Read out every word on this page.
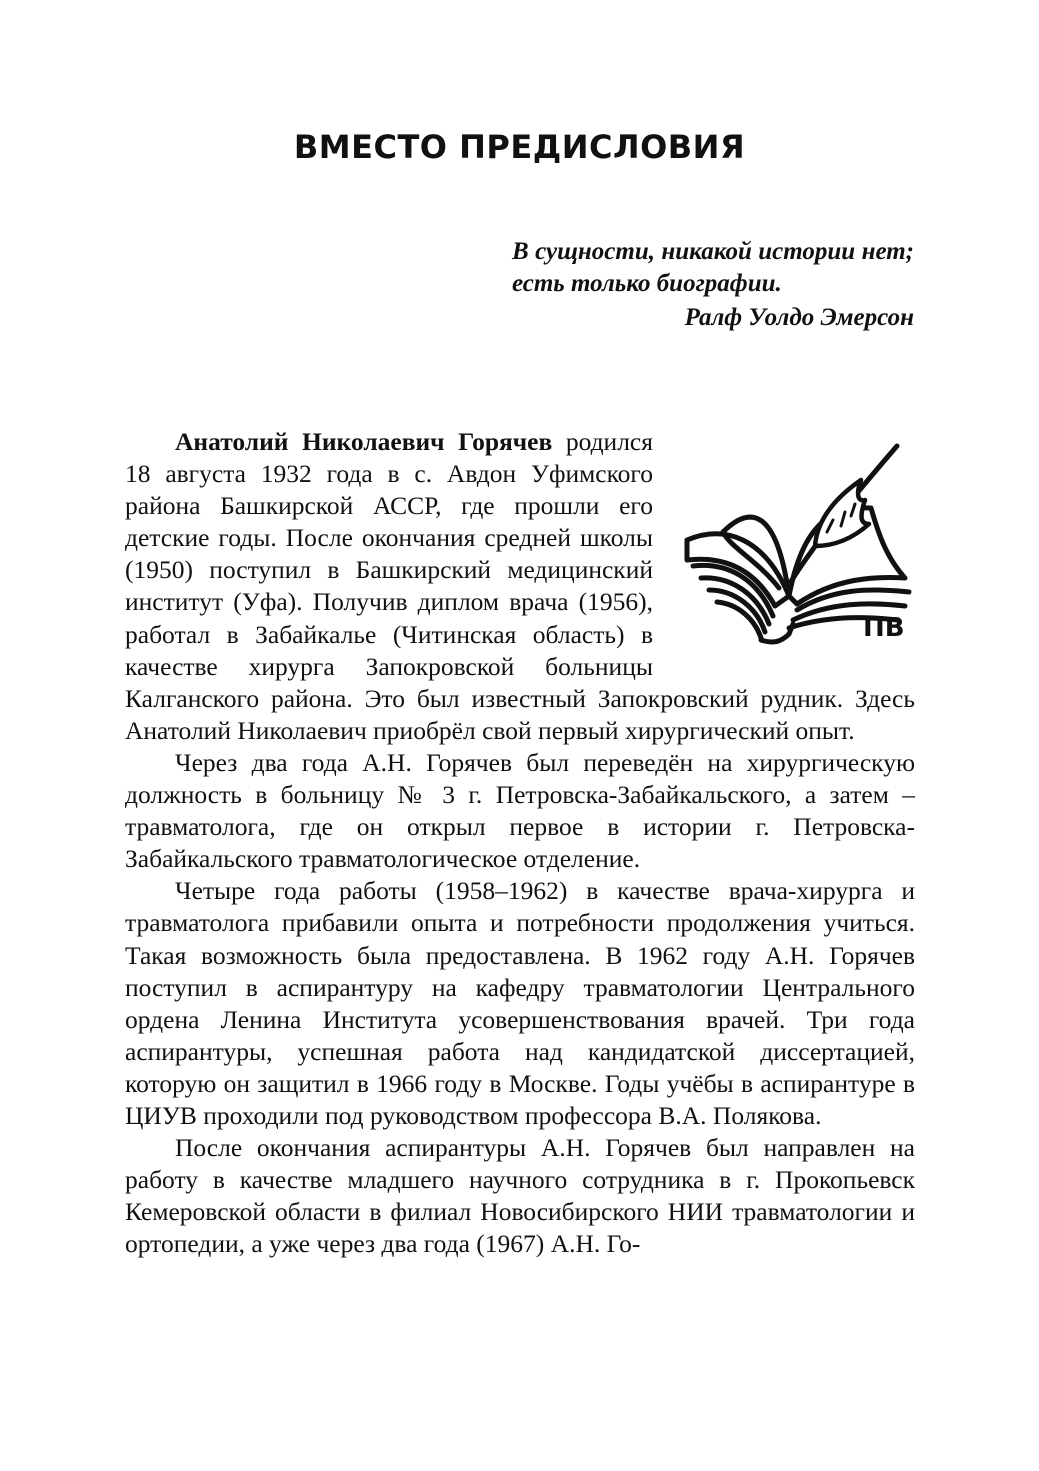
ВМЕСТО ПРЕДИСЛОВИЯ

В сущности, никакой истории нет; есть только биографии.

Ралф Уолдо Эмерсон

ПВ
Анатолий Николаевич Горячев родился 18 августа 1932 года в с. Авдон Уфимского района Башкирской АССР, где прошли его детские годы. После окончания средней школы (1950) поступил в Башкирский медицинский институт (Уфа). Получив диплом врача (1956), работал в Забайкалье (Читинская область) в качестве хирурга Запокровской больницы Калганского района. Это был известный Запокровский рудник. Здесь Анатолий Николаевич приобрёл свой первый хирургический опыт.

Через два года А.Н. Горячев был переведён на хирургическую должность в больницу № 3 г. Петровска-Забайкальского, а затем – травматолога, где он открыл первое в истории г. Петровска-Забайкальского травматологическое отделение.

Четыре года работы (1958–1962) в качестве врача-хирурга и травматолога прибавили опыта и потребности продолжения учиться. Такая возможность была предоставлена. В 1962 году А.Н. Горячев поступил в аспирантуру на кафедру травматологии Центрального ордена Ленина Института усовершенствования врачей. Три года аспирантуры, успешная работа над кандидатской диссертацией, которую он защитил в 1966 году в Москве. Годы учёбы в аспирантуре в ЦИУВ проходили под руководством профессора В.А. Полякова.

После окончания аспирантуры А.Н. Горячев был направлен на работу в качестве младшего научного сотрудника в г. Прокопьевск Кемеровской области в филиал Новосибирского НИИ травматологии и ортопедии, а уже через два года (1967) А.Н. Го-
